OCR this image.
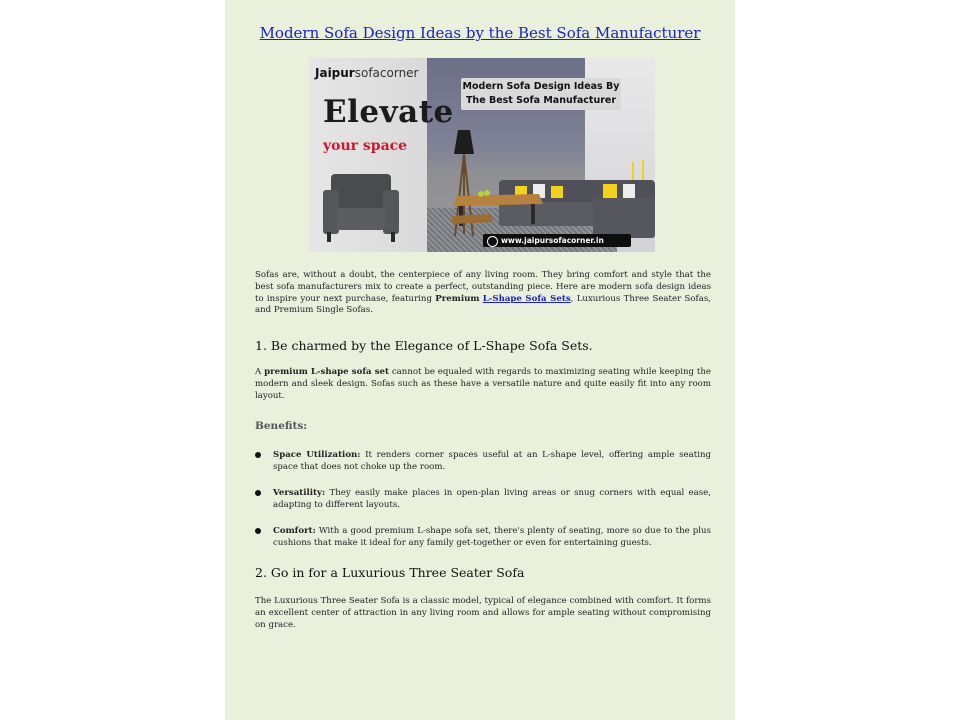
Modern Sofa Design Ideas by the Best Sofa Manufacturer
Jaipursofacorner
Elevate
your space
Modern Sofa Design Ideas By
The Best Sofa Manufacturer
www.jaipursofacorner.in
Sofas are, without a doubt, the centerpiece of any living room. They bring comfort and style that the best sofa manufacturers mix to create a perfect, outstanding piece. Here are modern sofa design ideas to inspire your next purchase, featuring Premium L-Shape Sofa Sets, Luxurious Three Seater Sofas, and Premium Single Sofas.
1. Be charmed by the Elegance of L-Shape Sofa Sets.
A premium L-shape sofa set cannot be equaled with regards to maximizing seating while keeping the modern and sleek design. Sofas such as these have a versatile nature and quite easily fit into any room layout.
Benefits:
Space Utilization: It renders corner spaces useful at an L-shape level, offering ample seating space that does not choke up the room.
Versatility: They easily make places in open-plan living areas or snug corners with equal ease, adapting to different layouts.
Comfort: With a good premium L-shape sofa set, there's plenty of seating, more so due to the plus cushions that make it ideal for any family get-together or even for entertaining guests.
2. Go in for a Luxurious Three Seater Sofa
The Luxurious Three Seater Sofa is a classic model, typical of elegance combined with comfort. It forms an excellent center of attraction in any living room and allows for ample seating without compromising on grace.
